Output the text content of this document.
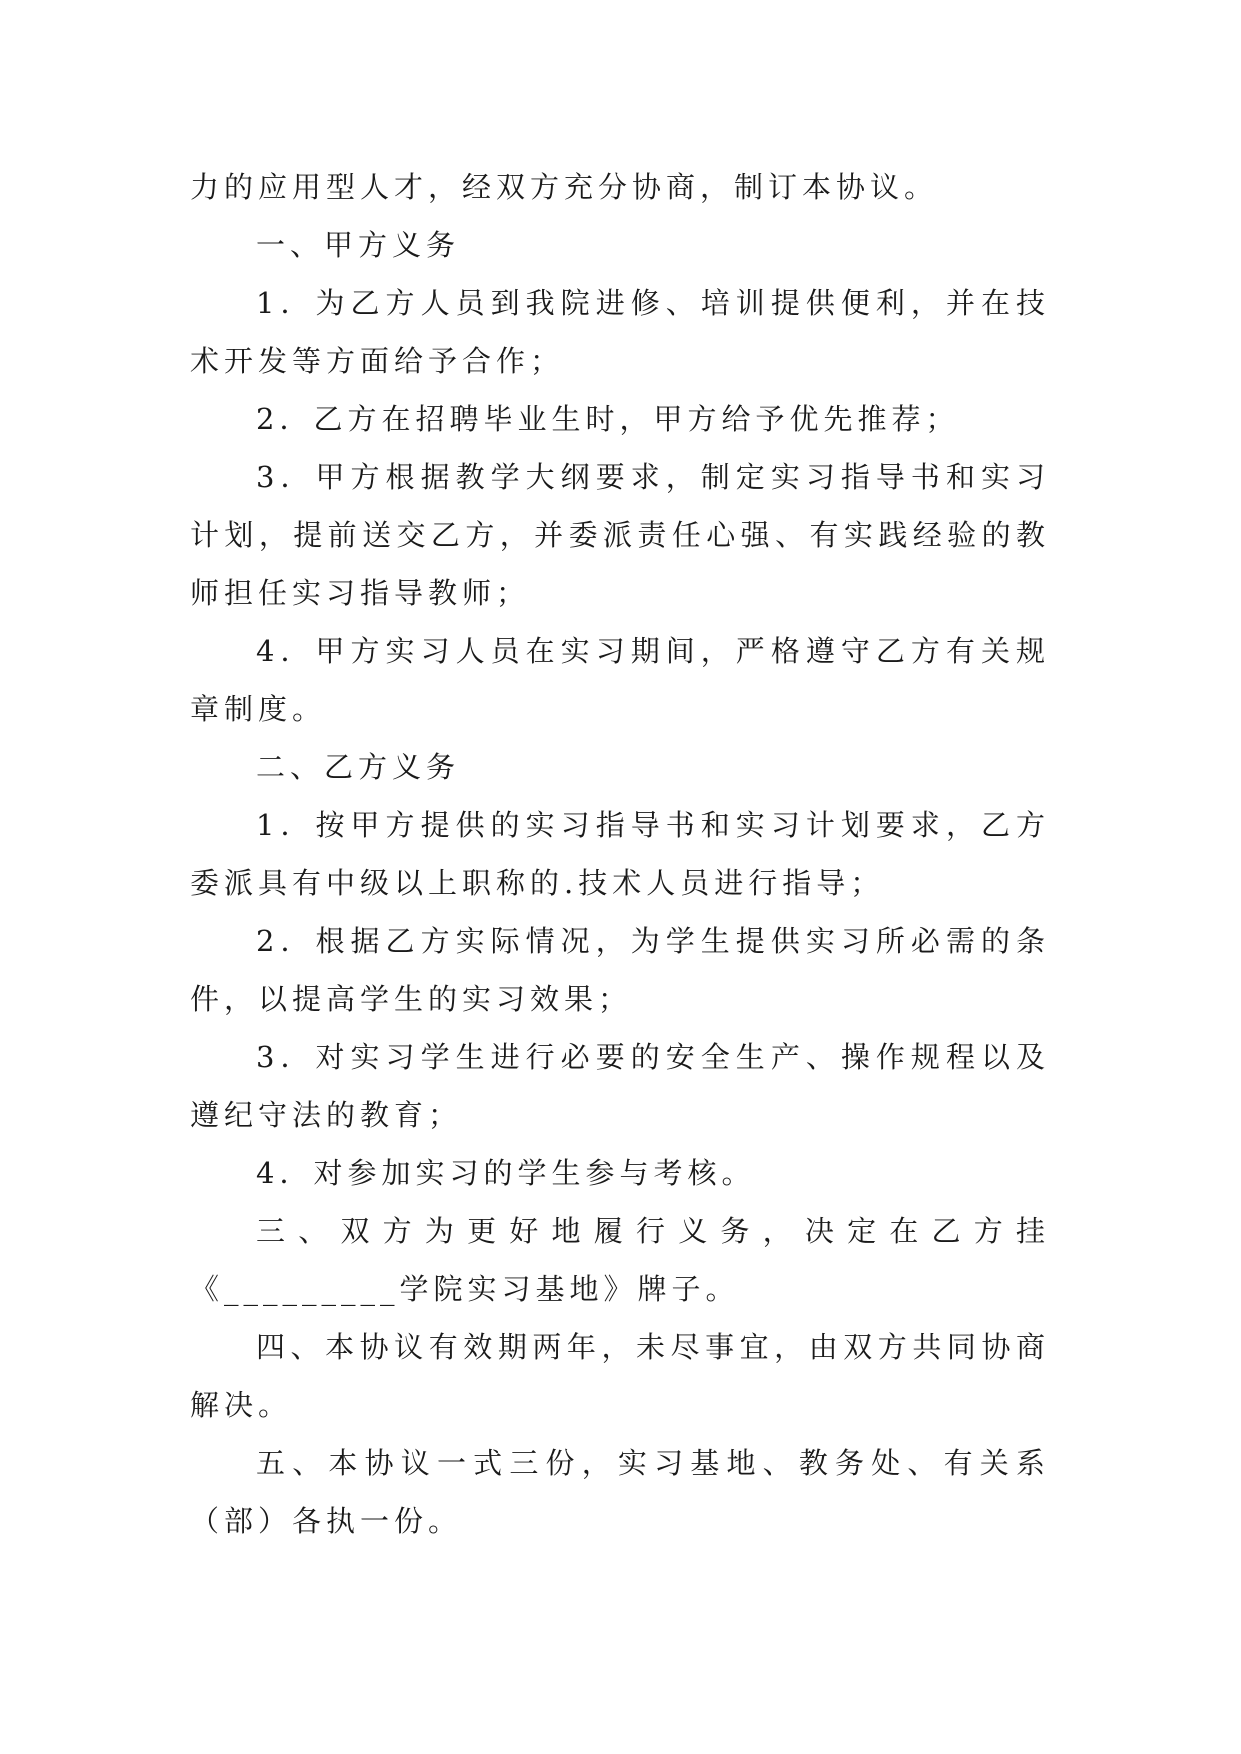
力的应用型人才，经双方充分协商，制订本协议。

一、甲方义务

1．为乙方人员到我院进修、培训提供便利，并在技术开发等方面给予合作；

2．乙方在招聘毕业生时，甲方给予优先推荐；

3．甲方根据教学大纲要求，制定实习指导书和实习计划，提前送交乙方，并委派责任心强、有实践经验的教师担任实习指导教师；

4．甲方实习人员在实习期间，严格遵守乙方有关规章制度。

二、乙方义务

1．按甲方提供的实习指导书和实习计划要求，乙方委派具有中级以上职称的.技术人员进行指导；

2．根据乙方实际情况，为学生提供实习所必需的条件，以提高学生的实习效果；

3．对实习学生进行必要的安全生产、操作规程以及遵纪守法的教育；

4．对参加实习的学生参与考核。

三、双方为更好地履行义务，决定在乙方挂《_________学院实习基地》牌子。

四、本协议有效期两年，未尽事宜，由双方共同协商解决。

五、本协议一式三份，实习基地、教务处、有关系（部）各执一份。
